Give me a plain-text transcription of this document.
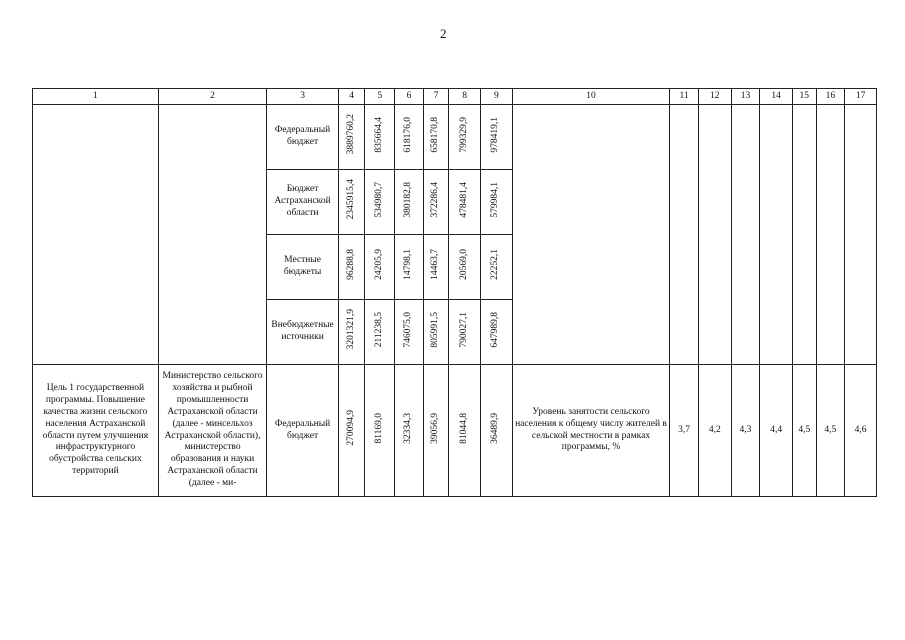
2
1	2	3	4	5	6	7	8	9	10	11	12	13	14	15	16	17
		Федеральный бюджет	3889760,2	835664,4	618176,0	658170,8	799329,9	978419,1								
		Бюджет Астраханской области	2345915,4	534980,7	380182,8	372286,4	478481,4	579984,1								
		Местные бюджеты	96288,8	24205,9	14798,1	14463,7	20569,0	22252,1								
		Внебюджетные источники	3201321,9	211238,5	746075,0	805991,5	790027,1	647989,8								
Цель 1 государственной программы. Повышение качества жизни сельского населения Астраханской области путем улучшения инфраструктурного обустройства сельских территорий	Министерство сельского хозяйства и рыбной промышленности Астраханской области (далее - минсельхоз Астраханской области), министерство образования и науки Астраханской области (далее - ми-	Федеральный бюджет	270094,9	81169,0	32334,3	39056,9	81044,8	36489,9	Уровень занятости сельского населения к общему числу жителей в сельской местности в рамках программы, %	3,7	4,2	4,3	4,4	4,5	4,5	4,6
